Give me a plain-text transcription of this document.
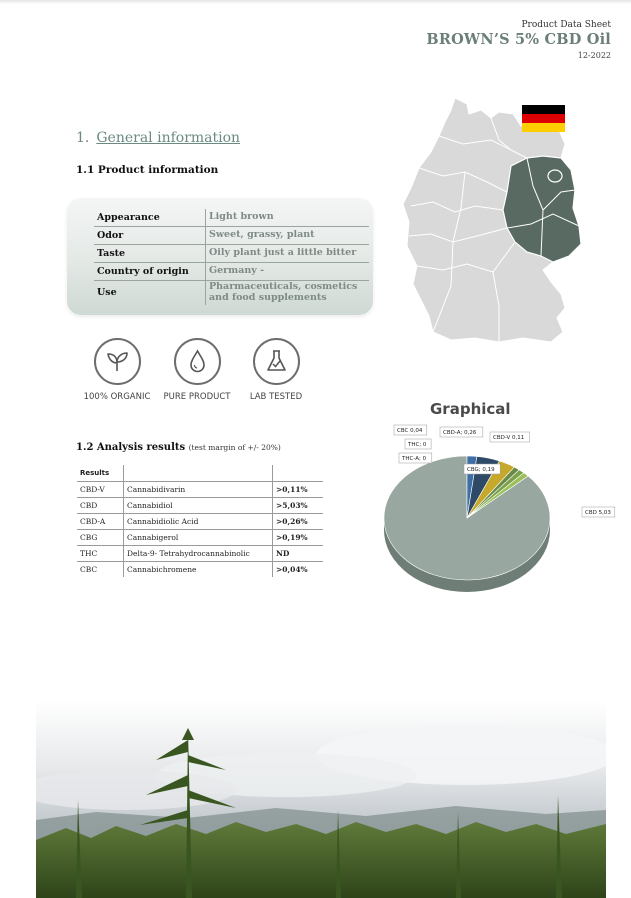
Product Data Sheet
BROWN’S 5% CBD Oil
12-2022
1. General information
1.1 Product information
Appearance	Light brown
Odor	Sweet, grassy, plant
Taste	Oily plant just a little bitter
Country of origin	Germany -
Use	Pharmaceuticals, cosmetics and food supplements
100% ORGANIC	PURE PRODUCT	LAB TESTED
Graphical
CBD 5,03
CBD-V 0,11
CBD-A; 0,26
CBG; 0,19
THC-A; 0
THC; 0
CBC 0,04
1.2 Analysis results (test margin of +/- 20%)
Results		
CBD-V	Cannabidivarin	>0,11%
CBD	Cannabidiol	>5,03%
CBD-A	Cannabidiolic Acid	>0,26%
CBG	Cannabigerol	>0,19%
THC	Delta-9- Tetrahydrocannabinolic	ND
CBC	Cannabichromene	>0,04%
